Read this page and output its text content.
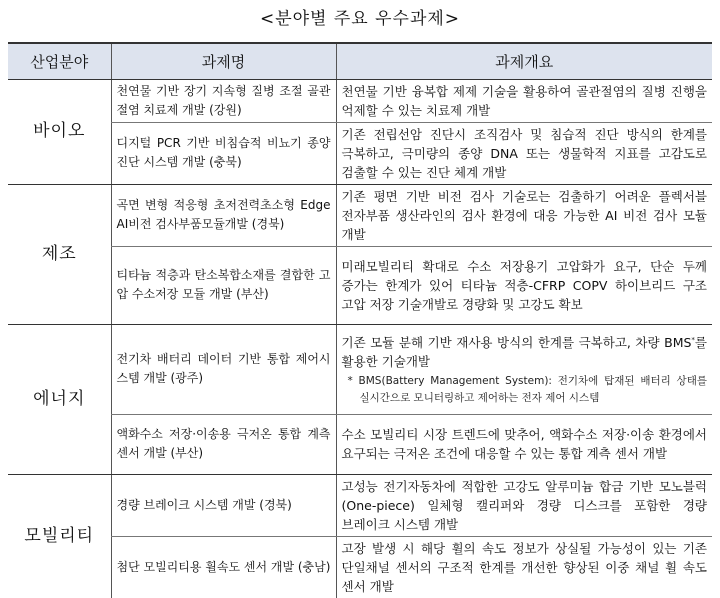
<분야별 주요 우수과제>
산업분야	과제명	과제개요
바이오	천연물 기반 장기 지속형 질병 조절 골관절염 치료제 개발 (강원)	천연물 기반 융복합 제제 기술을 활용하여 골관절염의 질병 진행을 억제할 수 있는 치료제 개발
	디지털 PCR 기반 비침습적 비뇨기 종양 진단 시스템 개발 (충북)	기존 전립선암 진단시 조직검사 및 침습적 진단 방식의 한계를 극복하고, 극미량의 종양 DNA 또는 생물학적 지표를 고감도로 검출할 수 있는 진단 체계 개발
제조	곡면 변형 적응형 초저전력초소형 Edge AI비전 검사부품모듈개발 (경북)	기존 평면 기반 비전 검사 기술로는 검출하기 어려운 플렉서블 전자부품 생산라인의 검사 환경에 대응 가능한 AI 비전 검사 모듈 개발
	티타늄 적층과 탄소복합소재를 결합한 고압 수소저장 모듈 개발 (부산)	미래모빌리티 확대로 수소 저장용기 고압화가 요구, 단순 두께 증가는 한계가 있어 티타늄 적층-CFRP COPV 하이브리드 구조 고압 저장 기술개발로 경량화 및 고강도 확보
에너지	전기차 배터리 데이터 기반 통합 제어시스템 개발 (광주)	기존 모듈 분해 기반 재사용 방식의 한계를 극복하고, 차량 BMS*를 활용한 기술개발
* BMS(Battery Management System): 전기차에 탑재된 배터리 상태를 실시간으로 모니터링하고 제어하는 전자 제어 시스템

	액화수소 저장·이송용 극저온 통합 계측 센서 개발 (부산)	수소 모빌리티 시장 트렌드에 맞추어, 액화수소 저장·이송 환경에서 요구되는 극저온 조건에 대응할 수 있는 통합 계측 센서 개발
모빌리티	경량 브레이크 시스템 개발 (경북)	고성능 전기자동차에 적합한 고강도 알루미늄 합금 기반 모노블럭(One-piece) 일체형 캘리퍼와 경량 디스크를 포함한 경량 브레이크 시스템 개발
	첨단 모빌리티용 휠속도 센서 개발 (충남)	고장 발생 시 해당 휠의 속도 정보가 상실될 가능성이 있는 기존 단일채널 센서의 구조적 한계를 개선한 향상된 이중 채널 휠 속도 센서 개발
